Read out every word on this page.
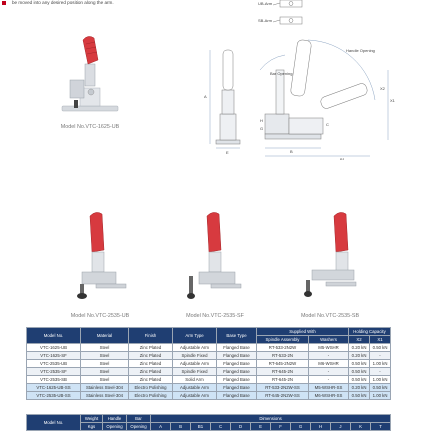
be moved into any desired position along the arm.	UB-Arm
SB-Arm
Model No.VTC-1625-UB
A
E
Handle Opening
Bar Opening
B
B1
X1
X2
H
G
C
Model No.VTC-2535-UB	Model No.VTC-2535-SF	Model No.VTC-2535-SB
Model No.	Material	Finish	Arm Type	Base Type	Supplied With		Holding Capacity	
					Spindle Assembly	Washers	X2	X1
VTC-1625-UB	Steel	Zinc Plated	Adjustable Arm	Flanged Base	RT-533-2N2W	M5-WSHR	0.20 kN	0.50 kN
VTC-1625-SF	Steel	Zinc Plated	Spindle Fixed	Flanged Base	RT-533-2N	-	0.20 kN	-
VTC-2535-UB	Steel	Zinc Plated	Adjustable Arm	Flanged Base	RT-645-2N2W	M6-WSHR	0.50 kN	1.00 kN
VTC-2535-SF	Steel	Zinc Plated	Spindle Fixed	Flanged Base	RT-645-2N	-	0.50 kN	-
VTC-2535-SB	Steel	Zinc Plated	Solid Arm	Flanged Base	RT-645-2N	-	0.50 kN	1.00 kN
VTC-1625-UB-SS	Stainless Steel-304	Electro Polishing	Adjustable Arm	Flanged Base	RT-533-2N2W-SS	M5-WSHR-SS	0.20 kN	0.50 kN
VTC-2535-UB-SS	Stainless Steel-304	Electro Polishing	Adjustable Arm	Flanged Base	RT-645-2N2W-SS	M6-WSHR-SS	0.50 kN	1.00 kN
Model No.	Weight	Handle	Bar	Dimensions											
	Kgs	Opening	Opening	A	B	B1	C	D	E	F	G	H	J	K	T
